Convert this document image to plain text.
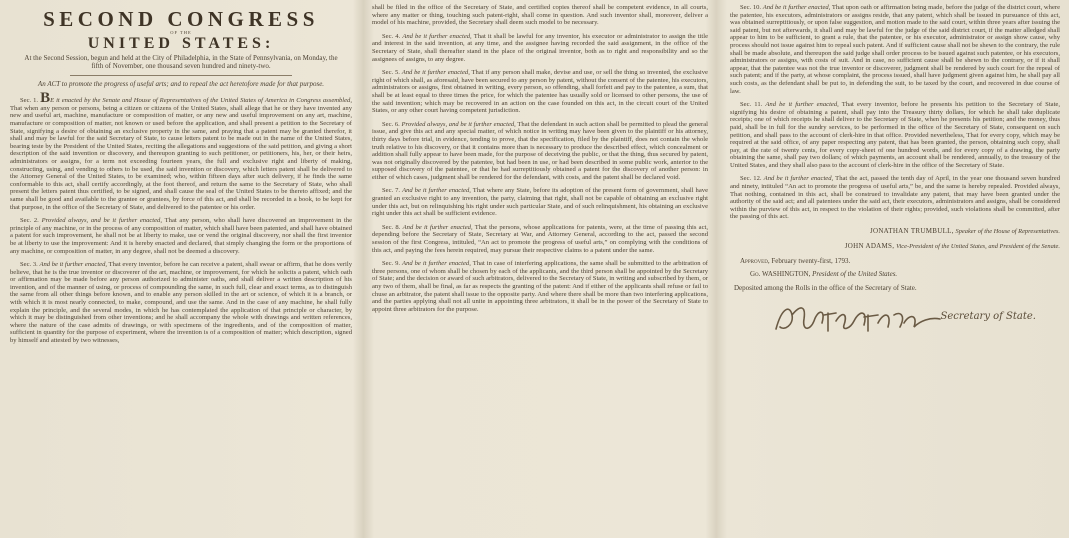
SECOND CONGRESS
OF THE
UNITED STATES:
At the Second Session, begun and held at the City of Philadelphia, in the State of Pennsylvania, on Monday, the fifth of November, one thousand seven hundred and ninety-two.
An ACT to promote the progress of useful arts; and to repeal the act heretofore made for that purpose.

Sec. 1. BE it enacted by the Senate and House of Representatives of the United States of America in Congress assembled, That when any person or persons, being a citizen or citizens of the United States, shall allege that he or they have invented any new and useful art, machine, manufacture or composition of matter, or any new and useful improvement on any art, machine, manufacture or composition of matter, not known or used before the application, and shall present a petition to the Secretary of State, signifying a desire of obtaining an exclusive property in the same, and praying that a patent may be granted therefor, it shall and may be lawful for the said Secretary of State, to cause letters patent to be made out in the name of the United States, bearing teste by the President of the United States, reciting the allegations and suggestions of the said petition, and giving a short description of the said invention or discovery, and thereupon granting to such petitioner, or petitioners, his, her, or their heirs, administrators or assigns, for a term not exceeding fourteen years, the full and exclusive right and liberty of making, constructing, using, and vending to others to be used, the said invention or discovery, which letters patent shall be delivered to the Attorney General of the United States, to be examined; who, within fifteen days after such delivery, if he finds the same conformable to this act, shall certify accordingly, at the foot thereof, and return the same to the Secretary of State, who shall present the letters patent thus certified, to be signed, and shall cause the seal of the United States to be thereto affixed; and the same shall be good and available to the grantee or grantees, by force of this act, and shall be recorded in a book, to be kept for that purpose, in the office of the Secretary of State, and delivered to the patentee or his order.

Sec. 2. Provided always, and be it further enacted, That any person, who shall have discovered an improvement in the principle of any machine, or in the process of any composition of matter, which shall have been patented, and shall have obtained a patent for such improvement, he shall not be at liberty to make, use or vend the original discovery, nor shall the first inventor be at liberty to use the improvement: And it is hereby enacted and declared, that simply changing the form or the proportions of any machine, or composition of matter, in any degree, shall not be deemed a discovery.

Sec. 3. And be it further enacted, That every inventor, before he can receive a patent, shall swear or affirm, that he does verily believe, that he is the true inventor or discoverer of the art, machine, or improvement, for which he solicits a patent, which oath or affirmation may be made before any person authorized to administer oaths, and shall deliver a written description of his invention, and of the manner of using, or process of compounding the same, in such full, clear and exact terms, as to distinguish the same from all other things before known, and to enable any person skilled in the art or science, of which it is a branch, or with which it is most nearly connected, to make, compound, and use the same. And in the case of any machine, he shall fully explain the principle, and the several modes, in which he has contemplated the application of that principle or character, by which it may be distinguished from other inventions; and he shall accompany the whole with drawings and written references, where the nature of the case admits of drawings, or with specimens of the ingredients, and of the composition of matter, sufficient in quantity for the purpose of experiment, where the invention is of a composition of matter; which description, signed by himself and attested by two witnesses,

shall be filed in the office of the Secretary of State, and certified copies thereof shall be competent evidence, in all courts, where any matter or thing, touching such patent-right, shall come in question. And such inventor shall, moreover, deliver a model of his machine, provided, the Secretary shall deem such model to be necessary.

Sec. 4. And be it further enacted, That it shall be lawful for any inventor, his executor or administrator to assign the title and interest in the said invention, at any time, and the assignee having recorded the said assignment, in the office of the Secretary of State, shall thereafter stand in the place of the original inventor, both as to right and responsibility and so the assignees of assigns, to any degree.

Sec. 5. And be it further enacted, That if any person shall make, devise and use, or sell the thing so invented, the exclusive right of which shall, as aforesaid, have been secured to any person by patent, without the consent of the patentee, his executors, administrators or assigns, first obtained in writing, every person, so offending, shall forfeit and pay to the patentee, a sum, that shall be at least equal to three times the price, for which the patentee has usually sold or licensed to other persons, the use of the said invention; which may be recovered in an action on the case founded on this act, in the circuit court of the United States, or any other court having competent jurisdiction.

Sec. 6. Provided always, and be it further enacted, That the defendant in such action shall be permitted to plead the general issue, and give this act and any special matter, of which notice in writing may have been given to the plaintiff or his attorney, thirty days before trial, in evidence, tending to prove, that the specification, filed by the plaintiff, does not contain the whole truth relative to his discovery, or that it contains more than is necessary to produce the described effect, which concealment or addition shall fully appear to have been made, for the purpose of deceiving the public, or that the thing, thus secured by patent, was not originally discovered by the patentee, but had been in use, or had been described in some public work, anterior to the supposed discovery of the patentee, or that he had surreptitiously obtained a patent for the discovery of another person: in either of which cases, judgment shall be rendered for the defendant, with costs, and the patent shall be declared void.

Sec. 7. And be it further enacted, That where any State, before its adoption of the present form of government, shall have granted an exclusive right to any invention, the party, claiming that right, shall not be capable of obtaining an exclusive right under this act, but on relinquishing his right under such particular State, and of such relinquishment, his obtaining an exclusive right under this act shall be sufficient evidence.

Sec. 8. And be it further enacted, That the persons, whose applications for patents, were, at the time of passing this act, depending before the Secretary of State, Secretary at War, and Attorney General, according to the act, passed the second session of the first Congress, intituled, “An act to promote the progress of useful arts,” on complying with the conditions of this act, and paying the fees herein required, may pursue their respective claims to a patent under the same.

Sec. 9. And be it further enacted, That in case of interfering applications, the same shall be submitted to the arbitration of three persons, one of whom shall be chosen by each of the applicants, and the third person shall be appointed by the Secretary of State; and the decision or award of such arbitrators, delivered to the Secretary of State, in writing and subscribed by them, or any two of them, shall be final, as far as respects the granting of the patent: And if either of the applicants shall refuse or fail to chuse an arbitrator, the patent shall issue to the opposite party. And where there shall be more than two interfering applications, and the parties applying shall not all unite in appointing three arbitrators, it shall be in the power of the Secretary of State to appoint three arbitrators for the purpose.

Sec. 10. And be it further enacted, That upon oath or affirmation being made, before the judge of the district court, where the patentee, his executors, administrators or assigns reside, that any patent, which shall be issued in pursuance of this act, was obtained surreptitiously, or upon false suggestion, and motion made to the said court, within three years after issuing the said patent, but not afterwards, it shall and may be lawful for the judge of the said district court, if the matter alledged shall appear to him to be sufficient, to grant a rule, that the patentee, or his executor, administrator or assign show cause, why process should not issue against him to repeal such patent. And if sufficient cause shall not be shewn to the contrary, the rule shall be made absolute, and thereupon the said judge shall order process to be issued against such patentee, or his executors, administrators or assigns, with costs of suit. And in case, no sufficient cause shall be shewn to the contrary, or if it shall appear, that the patentee was not the true inventor or discoverer, judgment shall be rendered by such court for the repeal of such patent; and if the party, at whose complaint, the process issued, shall have judgment given against him, he shall pay all such costs, as the defendant shall be put to, in defending the suit, to be taxed by the court, and recovered in due course of law.

Sec. 11. And be it further enacted, That every inventor, before he presents his petition to the Secretary of State, signifying his desire of obtaining a patent, shall pay into the Treasury thirty dollars, for which he shall take duplicate receipts; one of which receipts he shall deliver to the Secretary of State, when he presents his petition; and the money, thus paid, shall be in full for the sundry services, to be performed in the office of the Secretary of State, consequent on such petition, and shall pass to the account of clerk-hire in that office. Provided nevertheless, That for every copy, which may be required at the said office, of any paper respecting any patent, that has been granted, the person, obtaining such copy, shall pay, at the rate of twenty cents, for every copy-sheet of one hundred words, and for every copy of a drawing, the party obtaining the same, shall pay two dollars; of which payments, an account shall be rendered, annually, to the treasury of the United States, and they shall also pass to the account of clerk-hire in the office of the Secretary of State.

Sec. 12. And be it further enacted, That the act, passed the tenth day of April, in the year one thousand seven hundred and ninety, intituled “An act to promote the progress of useful arts,” be, and the same is hereby repealed. Provided always, That nothing, contained in this act, shall be construed to invalidate any patent, that may have been granted under the authority of the said act; and all patentees under the said act, their executors, administrators and assigns, shall be considered within the purview of this act, in respect to the violation of their rights; provided, such violations shall be committed, after the passing of this act.

JONATHAN TRUMBULL, Speaker of the House of Representatives.
JOHN ADAMS, Vice-President of the United States, and President of the Senate.
Approved, February twenty-first, 1793.
Go. WASHINGTON, President of the United States.
Deposited among the Rolls in the office of the Secretary of State.
Secretary of State.
